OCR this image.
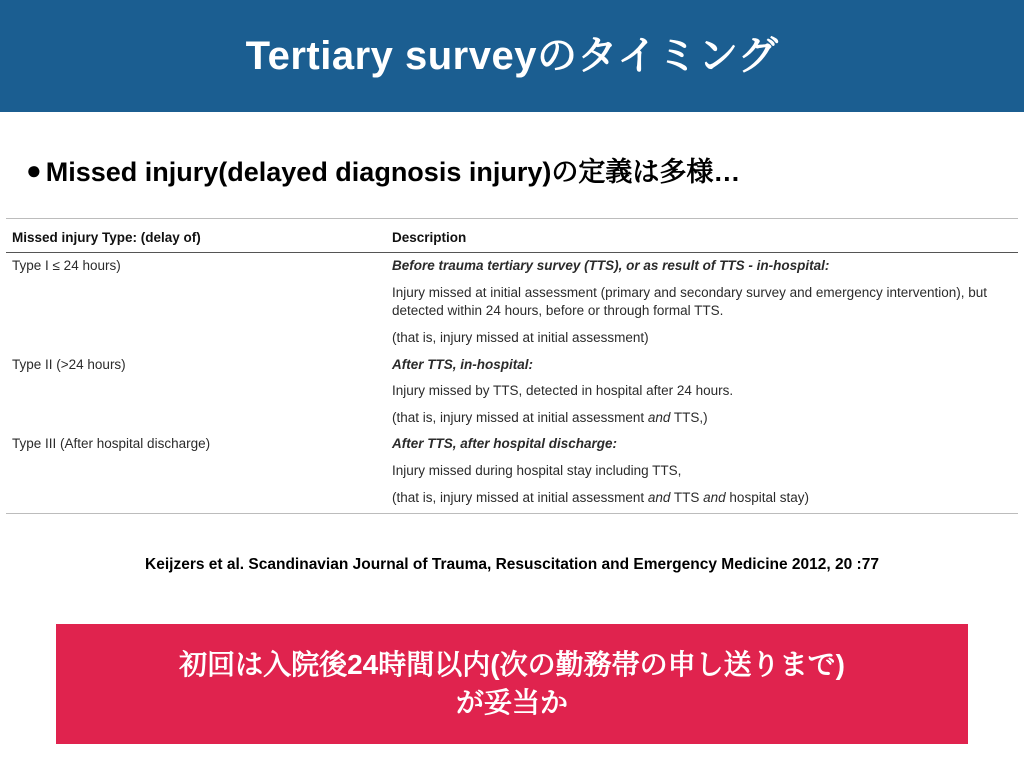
Tertiary surveyのタイミング
● Missed injury(delayed diagnosis injury)の定義は多様…
Missed injury Type: (delay of)	Description
Type I ≤ 24 hours)	Before trauma tertiary survey (TTS), or as result of TTS - in-hospital:
	Injury missed at initial assessment (primary and secondary survey and emergency intervention), but detected within 24 hours, before or through formal TTS.
	(that is, injury missed at initial assessment)
Type II (>24 hours)	After TTS, in-hospital:
	Injury missed by TTS, detected in hospital after 24 hours.
	(that is, injury missed at initial assessment and TTS,)
Type III (After hospital discharge)	After TTS, after hospital discharge:
	Injury missed during hospital stay including TTS,
	(that is, injury missed at initial assessment and TTS and hospital stay)
Keijzers et al. Scandinavian Journal of Trauma, Resuscitation and Emergency Medicine 2012, 20 :77
初回は入院後24時間以内(次の勤務帯の申し送りまで)
が妥当か
